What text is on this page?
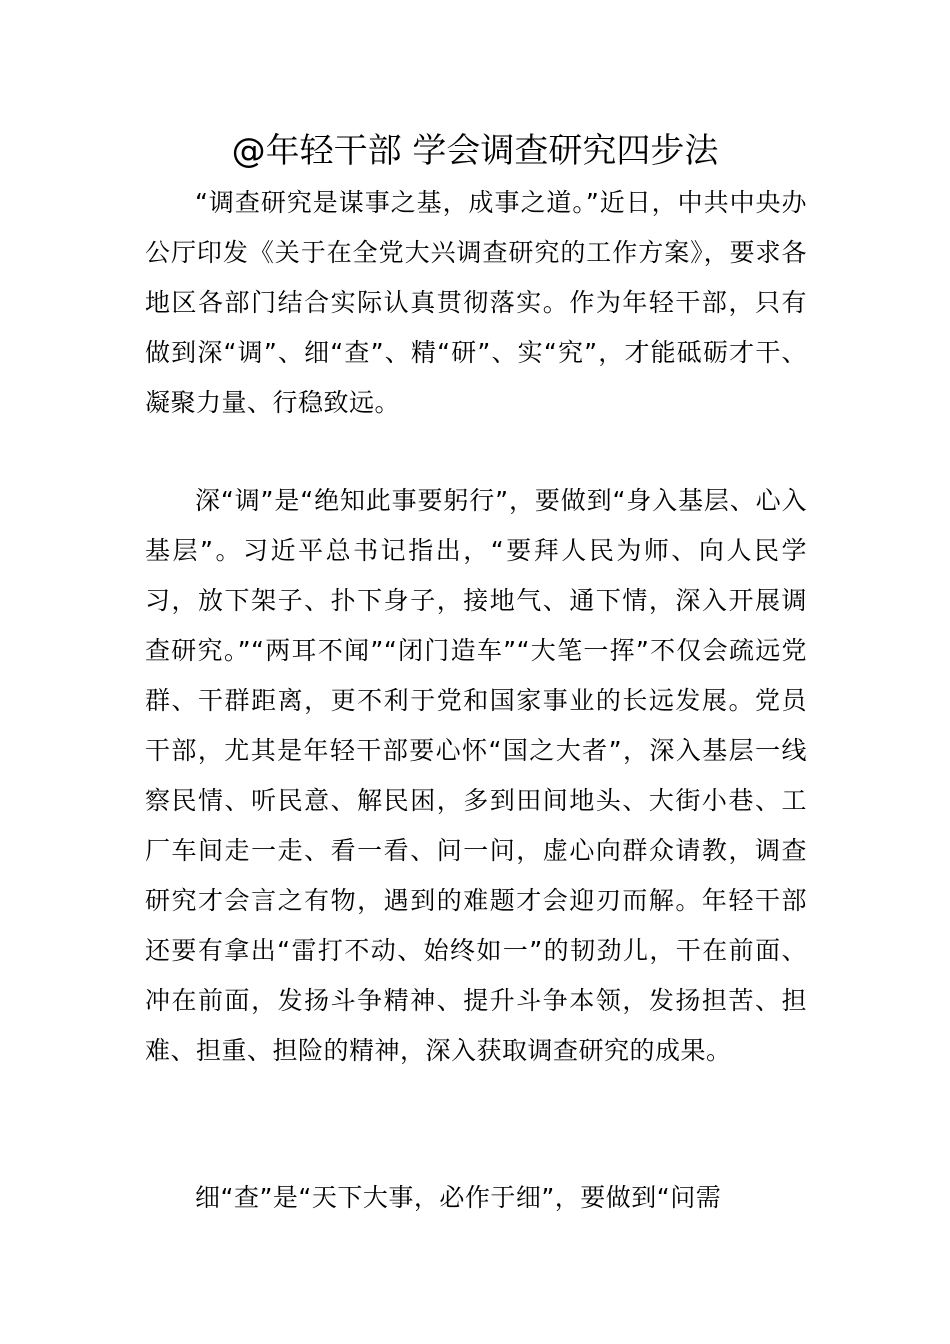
@年轻干部 学会调查研究四步法

“调查研究是谋事之基，成事之道。”近日，中共中央办公厅印发《关于在全党大兴调查研究的工作方案》，要求各地区各部门结合实际认真贯彻落实。作为年轻干部，只有做到深“调”、细“查”、精“研”、实“究”，才能砥砺才干、凝聚力量、行稳致远。

深“调”是“绝知此事要躬行”，要做到“身入基层、心入基层”。习近平总书记指出，“要拜人民为师、向人民学习，放下架子、扑下身子，接地气、通下情，深入开展调查研究。”“两耳不闻”“闭门造车”“大笔一挥”不仅会疏远党群、干群距离，更不利于党和国家事业的长远发展。党员干部，尤其是年轻干部要心怀“国之大者”，深入基层一线察民情、听民意、解民困，多到田间地头、大街小巷、工厂车间走一走、看一看、问一问，虚心向群众请教，调查研究才会言之有物，遇到的难题才会迎刃而解。年轻干部还要有拿出“雷打不动、始终如一”的韧劲儿，干在前面、冲在前面，发扬斗争精神、提升斗争本领，发扬担苦、担难、担重、担险的精神，深入获取调查研究的成果。

细“查”是“天下大事，必作于细”，要做到“问需
